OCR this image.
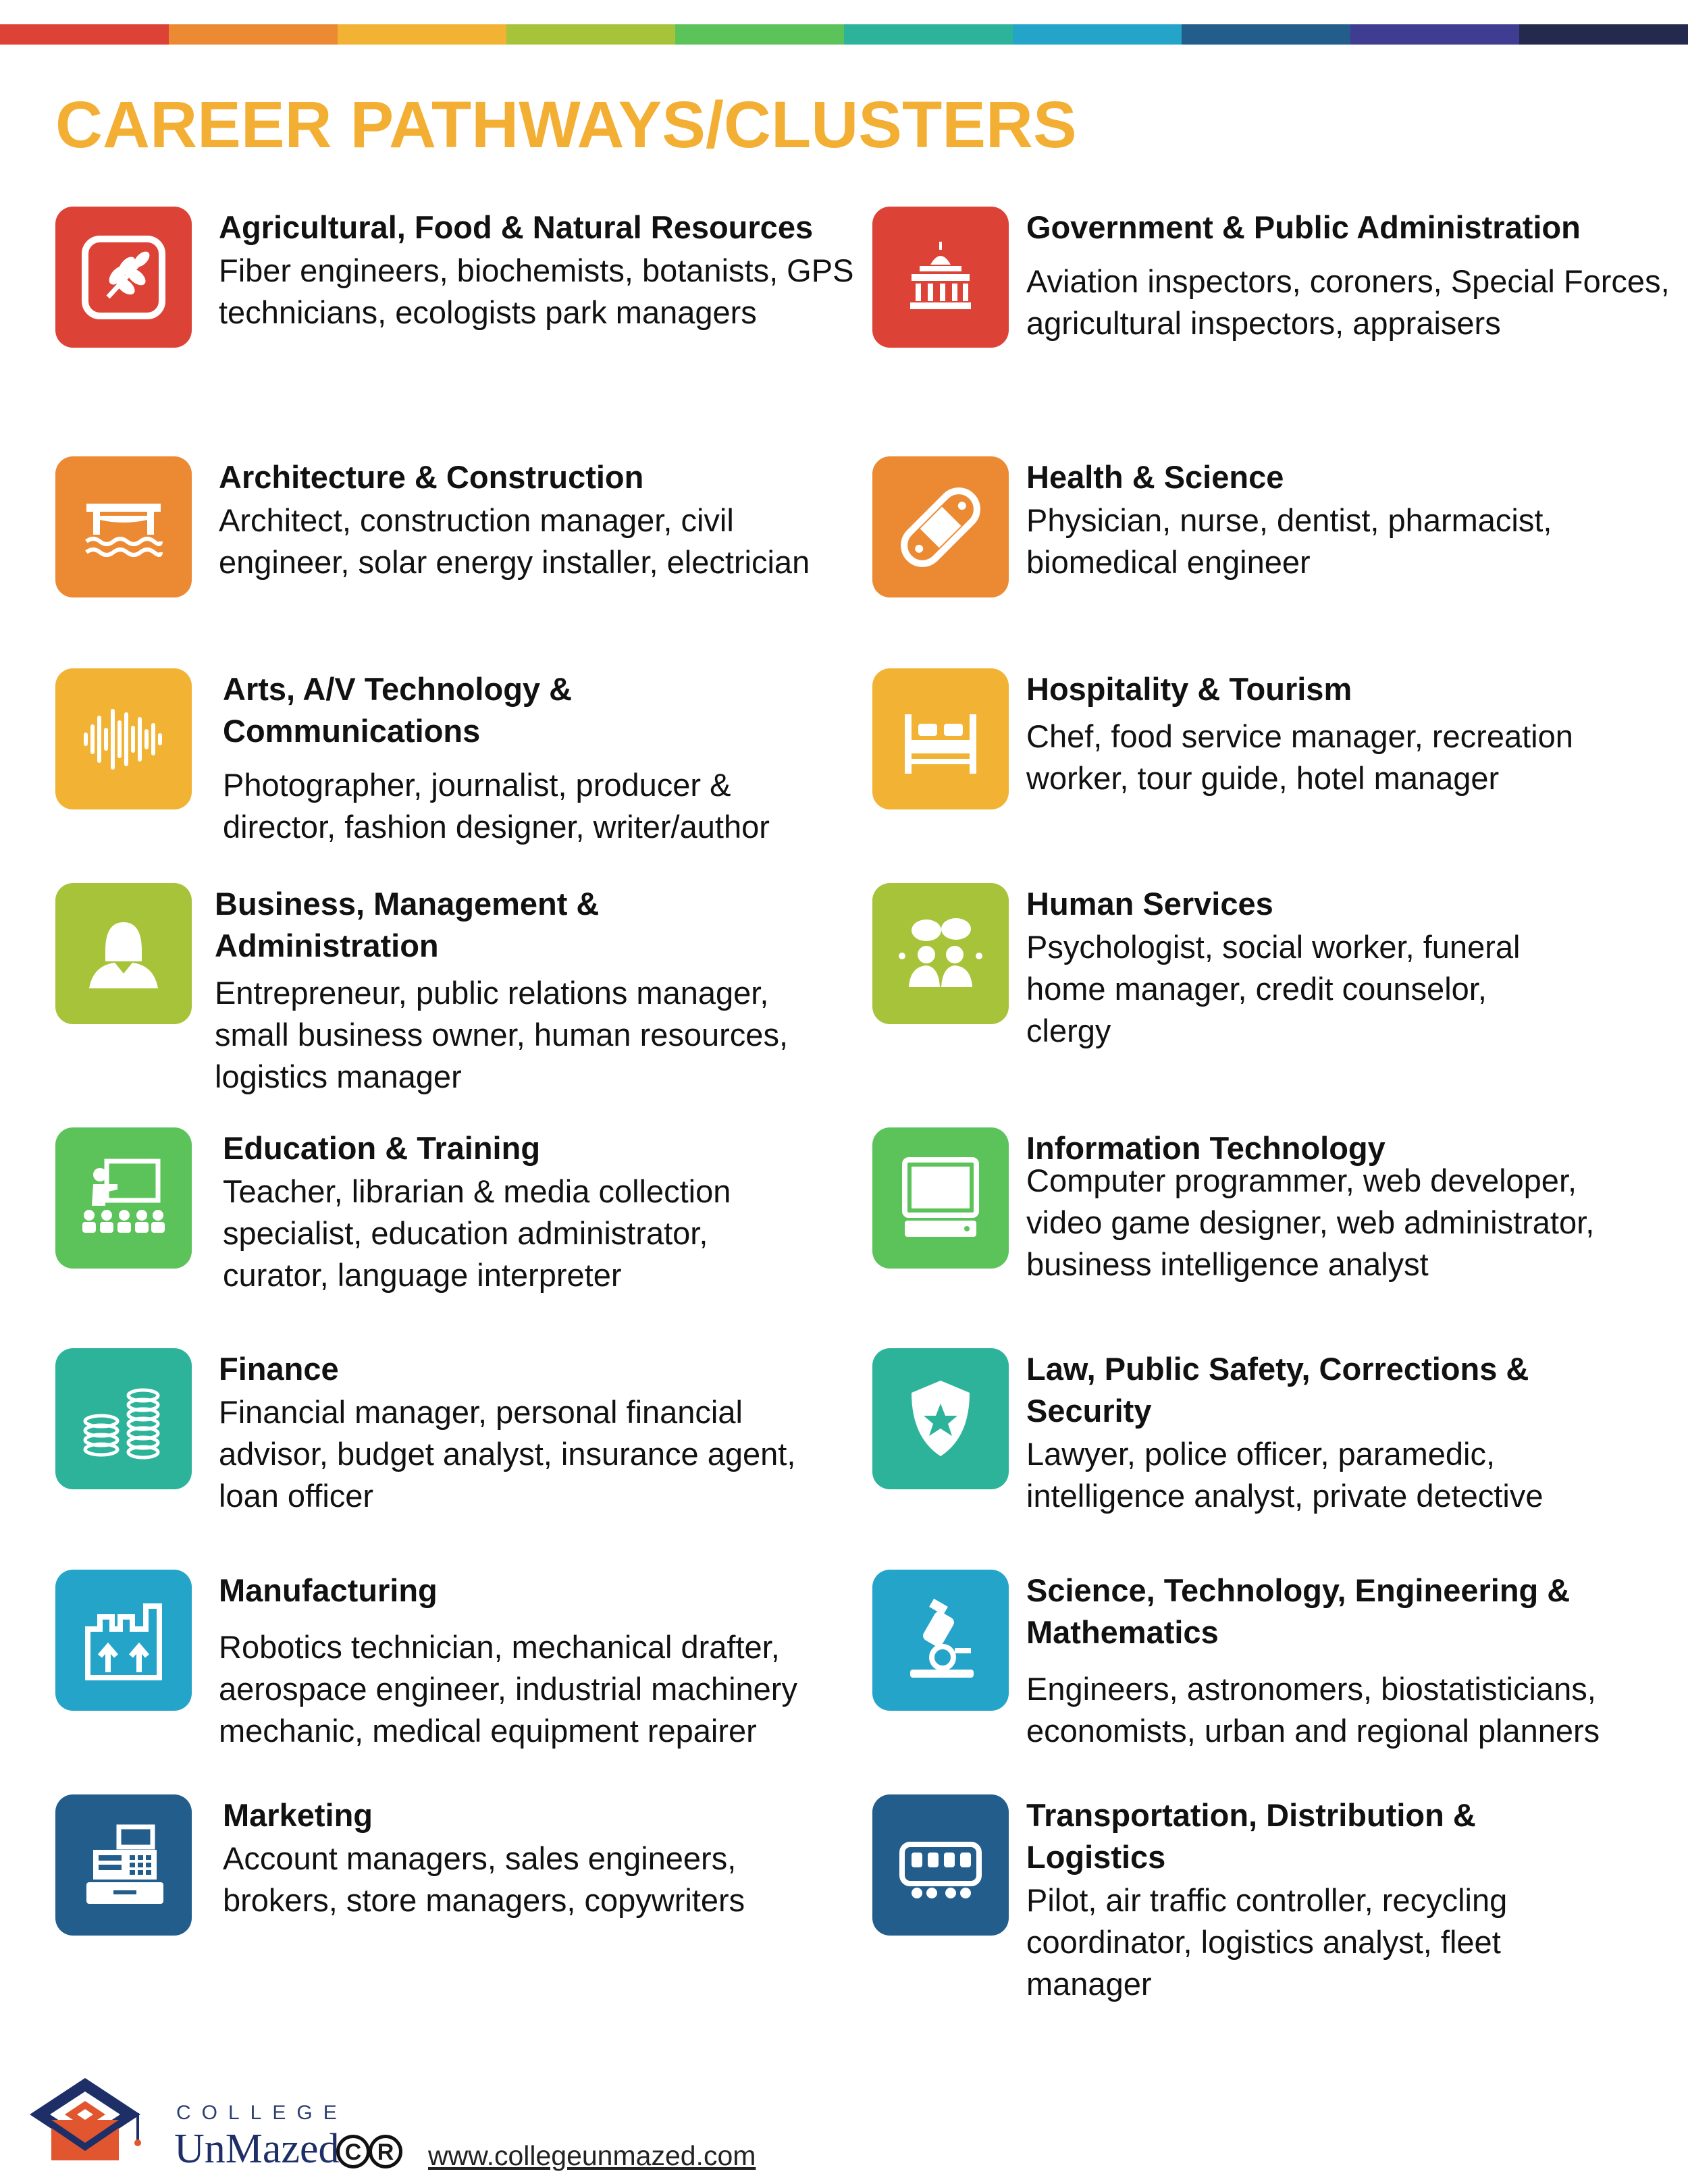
CAREER PATHWAYS/CLUSTERS
Agricultural, Food & Natural Resources
Fiber engineers, biochemists, botanists, GPS technicians, ecologists park managers
Government & Public Administration
Aviation inspectors, coroners, Special Forces, agricultural inspectors, appraisers
Architecture & Construction
Architect, construction manager, civil engineer, solar energy installer, electrician
Health & Science
Physician, nurse, dentist, pharmacist, biomedical engineer
Arts, A/V Technology & Communications
Photographer, journalist, producer & director, fashion designer, writer/author
Hospitality & Tourism
Chef, food service manager, recreation worker, tour guide, hotel manager
Business, Management & Administration
Entrepreneur, public relations manager, small business owner, human resources, logistics manager
Human Services
Psychologist, social worker, funeral home manager, credit counselor, clergy
Education & Training
Teacher, librarian & media collection specialist, education administrator, curator, language interpreter
Information Technology
Computer programmer, web developer, video game designer, web administrator, business intelligence analyst
Finance
Financial manager, personal financial advisor, budget analyst, insurance agent, loan officer
Law, Public Safety, Corrections & Security
Lawyer, police officer, paramedic, intelligence analyst, private detective
Manufacturing
Robotics technician, mechanical drafter, aerospace engineer, industrial machinery mechanic, medical equipment repairer
Science, Technology, Engineering & Mathematics
Engineers, astronomers, biostatisticians, economists, urban and regional planners
Marketing
Account managers, sales engineers, brokers, store managers, copywriters
Transportation, Distribution & Logistics
Pilot, air traffic controller, recycling coordinator, logistics analyst, fleet manager
COLLEGE
UnMazed C R	www.collegeunmazed.com
